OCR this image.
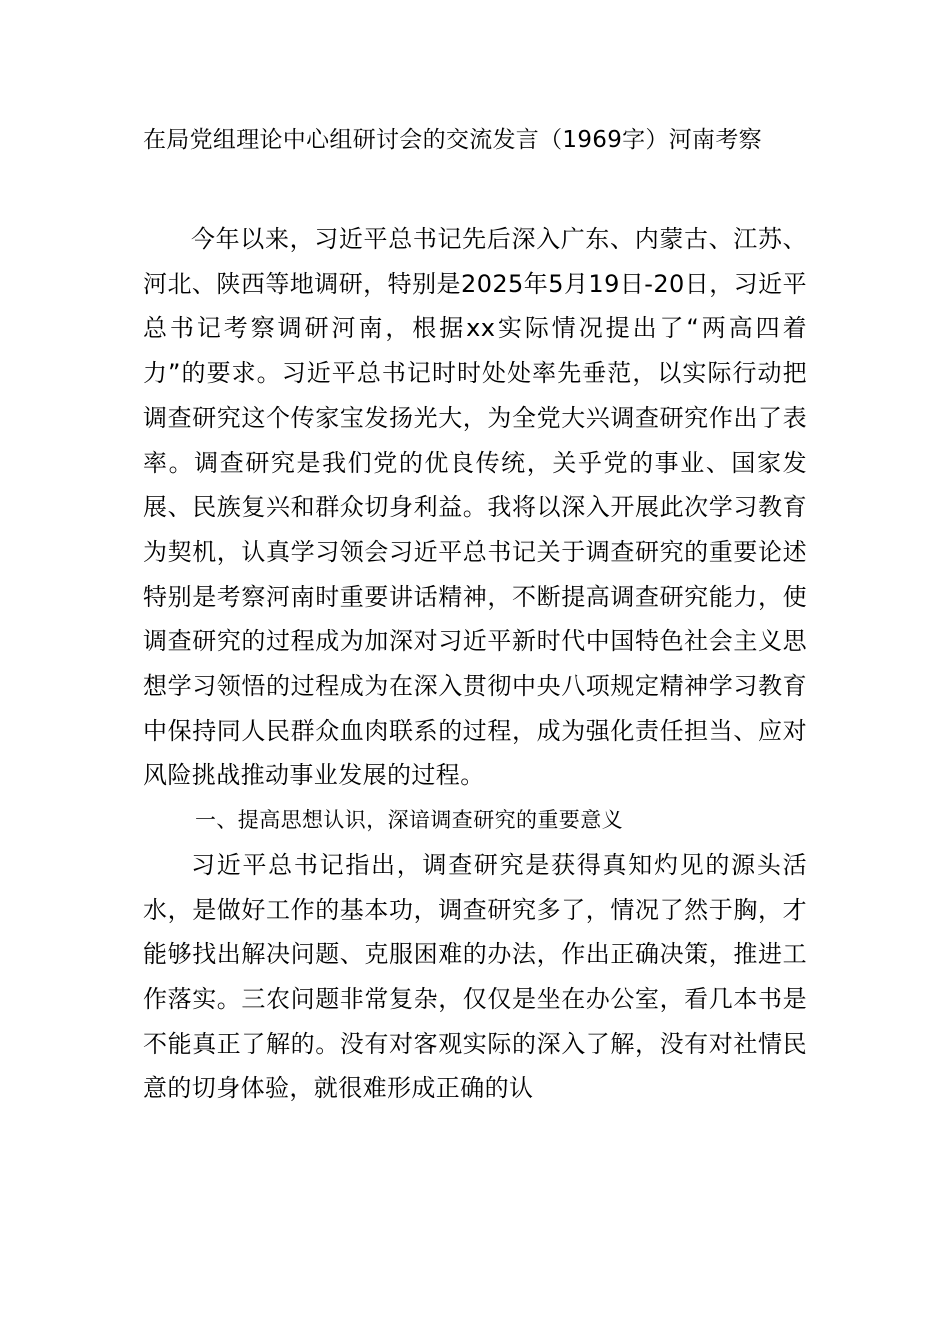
在局党组理论中心组研讨会的交流发言（1969字）河南考察

今年以来，习近平总书记先后深入广东、内蒙古、江苏、河北、陕西等地调研，特别是2025年5月19日-20日，习近平总书记考察调研河南，根据xx实际情况提出了“两高四着力”的要求。习近平总书记时时处处率先垂范，以实际行动把调查研究这个传家宝发扬光大，为全党大兴调查研究作出了表率。调查研究是我们党的优良传统，关乎党的事业、国家发展、民族复兴和群众切身利益。我将以深入开展此次学习教育为契机，认真学习领会习近平总书记关于调查研究的重要论述特别是考察河南时重要讲话精神，不断提高调查研究能力，使调查研究的过程成为加深对习近平新时代中国特色社会主义思想学习领悟的过程成为在深入贯彻中央八项规定精神学习教育中保持同人民群众血肉联系的过程，成为强化责任担当、应对风险挑战推动事业发展的过程。

一、提高思想认识，深谙调查研究的重要意义

习近平总书记指出，调查研究是获得真知灼见的源头活水，是做好工作的基本功，调查研究多了，情况了然于胸，才能够找出解决问题、克服困难的办法，作出正确决策，推进工作落实。三农问题非常复杂，仅仅是坐在办公室，看几本书是不能真正了解的。没有对客观实际的深入了解，没有对社情民意的切身体验，就很难形成正确的认
